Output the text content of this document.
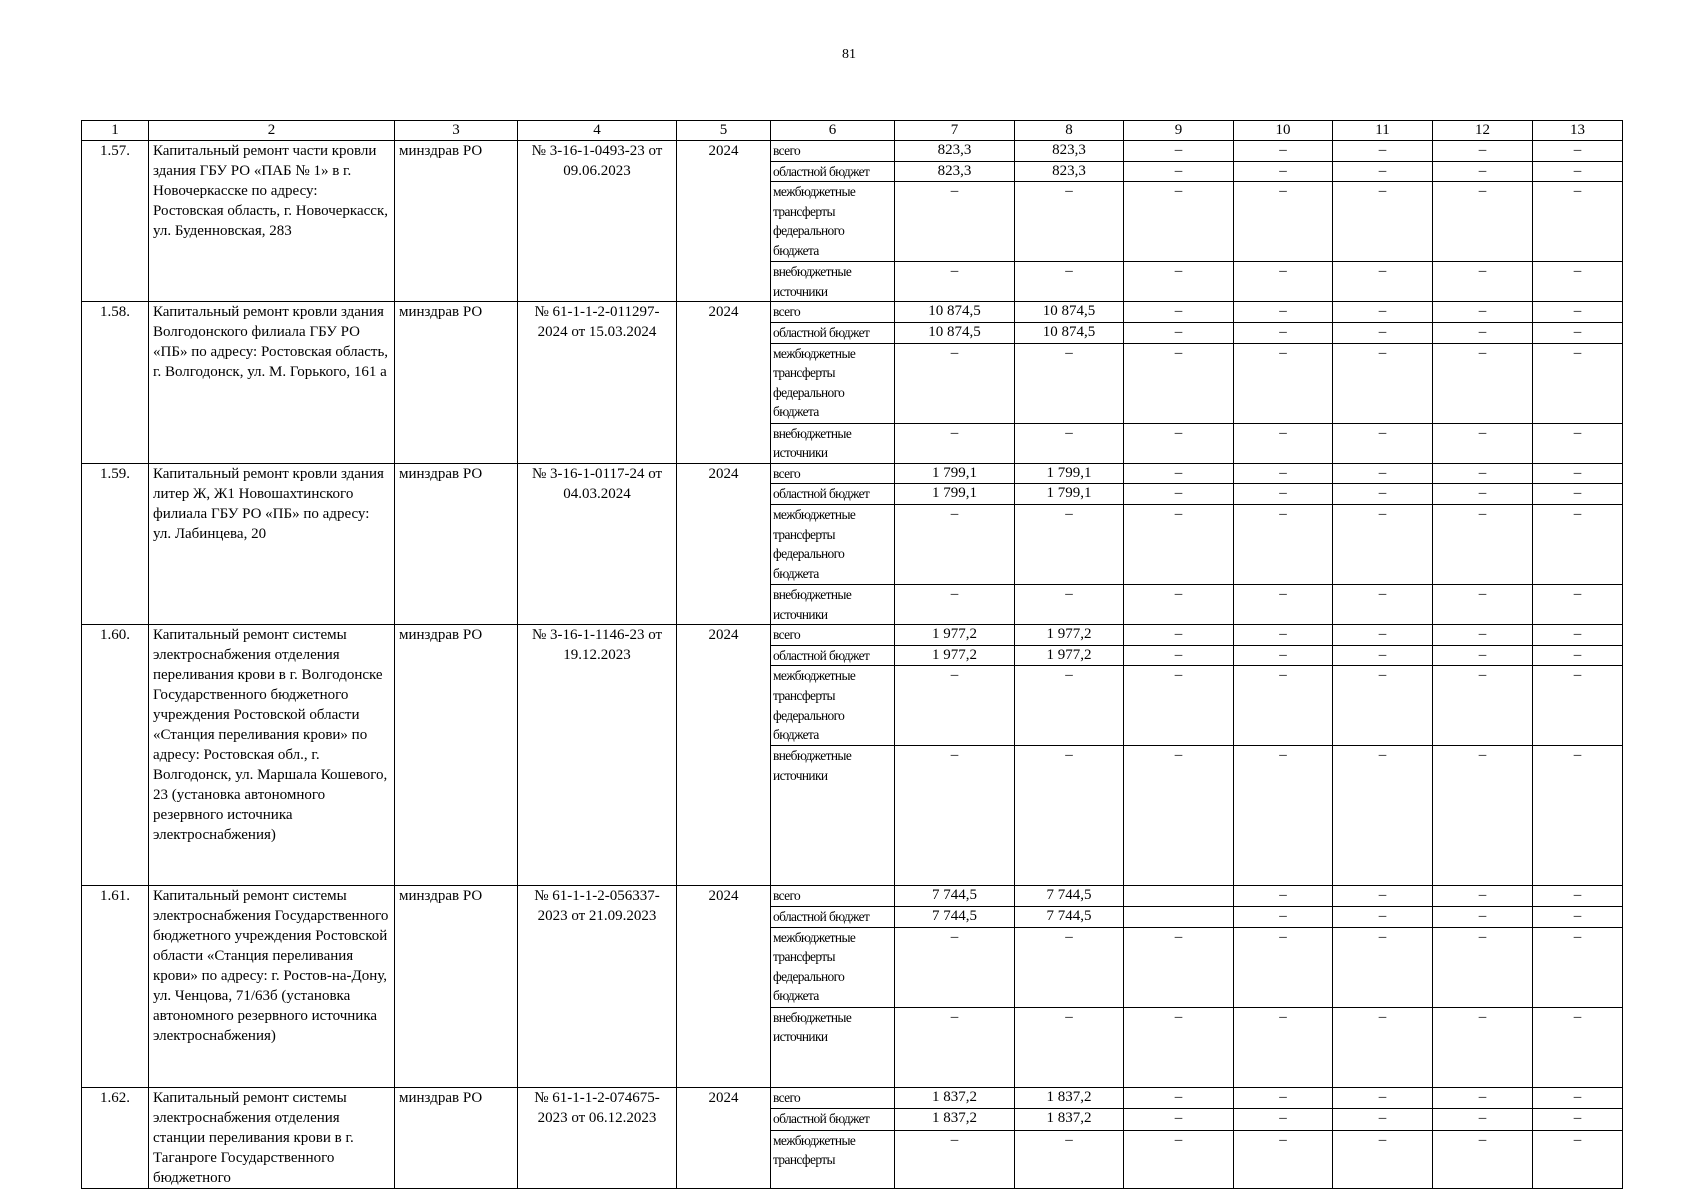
81
1	2	3	4	5	6	7	8	9	10	11	12	13
1.57.	Капитальный ремонт части кровли здания ГБУ РО «ПАБ № 1» в г. Новочеркасске по адресу: Ростовская область, г. Новочеркасск, ул. Буденновская, 283	минздрав РО	№ 3-16-1-0493-23 от 09.06.2023	2024	всего	823,3	823,3	–	–	–	–	–
					областной бюджет	823,3	823,3	–	–	–	–	–
					межбюджетные трансферты федерального бюджета	–	–	–	–	–	–	–
					внебюджетные источники	–	–	–	–	–	–	–
1.58.	Капитальный ремонт кровли здания Волгодонского филиала ГБУ РО «ПБ» по адресу: Ростовская область, г. Волгодонск, ул. М. Горького, 161 а	минздрав РО	№ 61-1-1-2-011297-2024 от 15.03.2024	2024	всего	10 874,5	10 874,5	–	–	–	–	–
					областной бюджет	10 874,5	10 874,5	–	–	–	–	–
					межбюджетные трансферты федерального бюджета	–	–	–	–	–	–	–
					внебюджетные источники	–	–	–	–	–	–	–
1.59.	Капитальный ремонт кровли здания литер Ж, Ж1 Новошахтинского филиала ГБУ РО «ПБ» по адресу: ул. Лабинцева, 20	минздрав РО	№ 3-16-1-0117-24 от 04.03.2024	2024	всего	1 799,1	1 799,1	–	–	–	–	–
					областной бюджет	1 799,1	1 799,1	–	–	–	–	–
					межбюджетные трансферты федерального бюджета	–	–	–	–	–	–	–
					внебюджетные источники	–	–	–	–	–	–	–
1.60.	Капитальный ремонт системы электроснабжения отделения переливания крови в г. Волгодонске Государственного бюджетного учреждения Ростовской области «Станция переливания крови» по адресу: Ростовская обл., г. Волгодонск, ул. Маршала Кошевого, 23 (установка автономного резервного источника электроснабжения)	минздрав РО	№ 3-16-1-1146-23 от 19.12.2023	2024	всего	1 977,2	1 977,2	–	–	–	–	–
					областной бюджет	1 977,2	1 977,2	–	–	–	–	–
					межбюджетные трансферты федерального бюджета	–	–	–	–	–	–	–
					внебюджетные источники	–	–	–	–	–	–	–
1.61.	Капитальный ремонт системы электроснабжения Государственного бюджетного учреждения Ростовской области «Станция переливания крови» по адресу: г. Ростов-на-Дону, ул. Ченцова, 71/63б (установка автономного резервного источника электроснабжения)	минздрав РО	№ 61-1-1-2-056337-2023 от 21.09.2023	2024	всего	7 744,5	7 744,5		–	–	–	–
					областной бюджет	7 744,5	7 744,5		–	–	–	–
					межбюджетные трансферты федерального бюджета	–	–	–	–	–	–	–
					внебюджетные источники	–	–	–	–	–	–	–
1.62.	Капитальный ремонт системы электроснабжения отделения станции переливания крови в г. Таганроге Государственного бюджетного	минздрав РО	№ 61-1-1-2-074675-2023 от 06.12.2023	2024	всего	1 837,2	1 837,2	–	–	–	–	–
					областной бюджет	1 837,2	1 837,2	–	–	–	–	–
					межбюджетные трансферты	–	–	–	–	–	–	–
